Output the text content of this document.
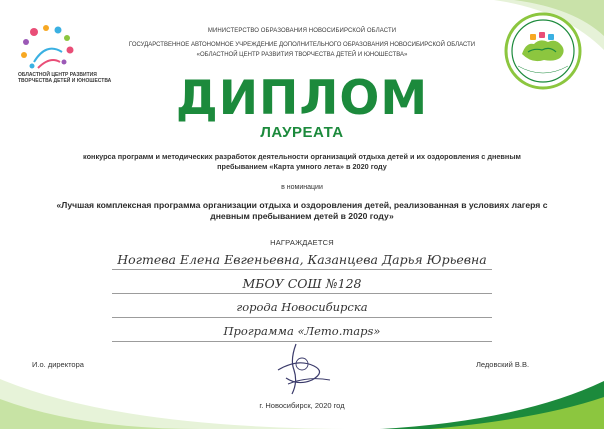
ОБЛАСТНОЙ ЦЕНТР РАЗВИТИЯ ТВОРЧЕСТВА ДЕТЕЙ И ЮНОШЕСТВА
МИНИСТЕРСТВО ОБРАЗОВАНИЯ НОВОСИБИРСКОЙ ОБЛАСТИ
ГОСУДАРСТВЕННОЕ АВТОНОМНОЕ УЧРЕЖДЕНИЕ ДОПОЛНИТЕЛЬНОГО ОБРАЗОВАНИЯ НОВОСИБИРСКОЙ ОБЛАСТИ
«ОБЛАСТНОЙ ЦЕНТР РАЗВИТИЯ ТВОРЧЕСТВА ДЕТЕЙ И ЮНОШЕСТВА»
ДИПЛОМ
ЛАУРЕАТА
конкурса программ и методических разработок деятельности организаций отдыха детей и их оздоровления с дневным пребыванием «Карта умного лета» в 2020 году
в номинации
«Лучшая комплексная программа организации отдыха и оздоровления детей, реализованная в условиях лагеря с дневным пребыванием детей в 2020 году»
НАГРАЖДАЕТСЯ
Ногтева Елена Евгеньевна, Казанцева Дарья Юрьевна
МБОУ СОШ №128
города Новосибирска
Программа «Лето.maps»
И.о. директора	Ледовский В.В.
г. Новосибирск, 2020 год
